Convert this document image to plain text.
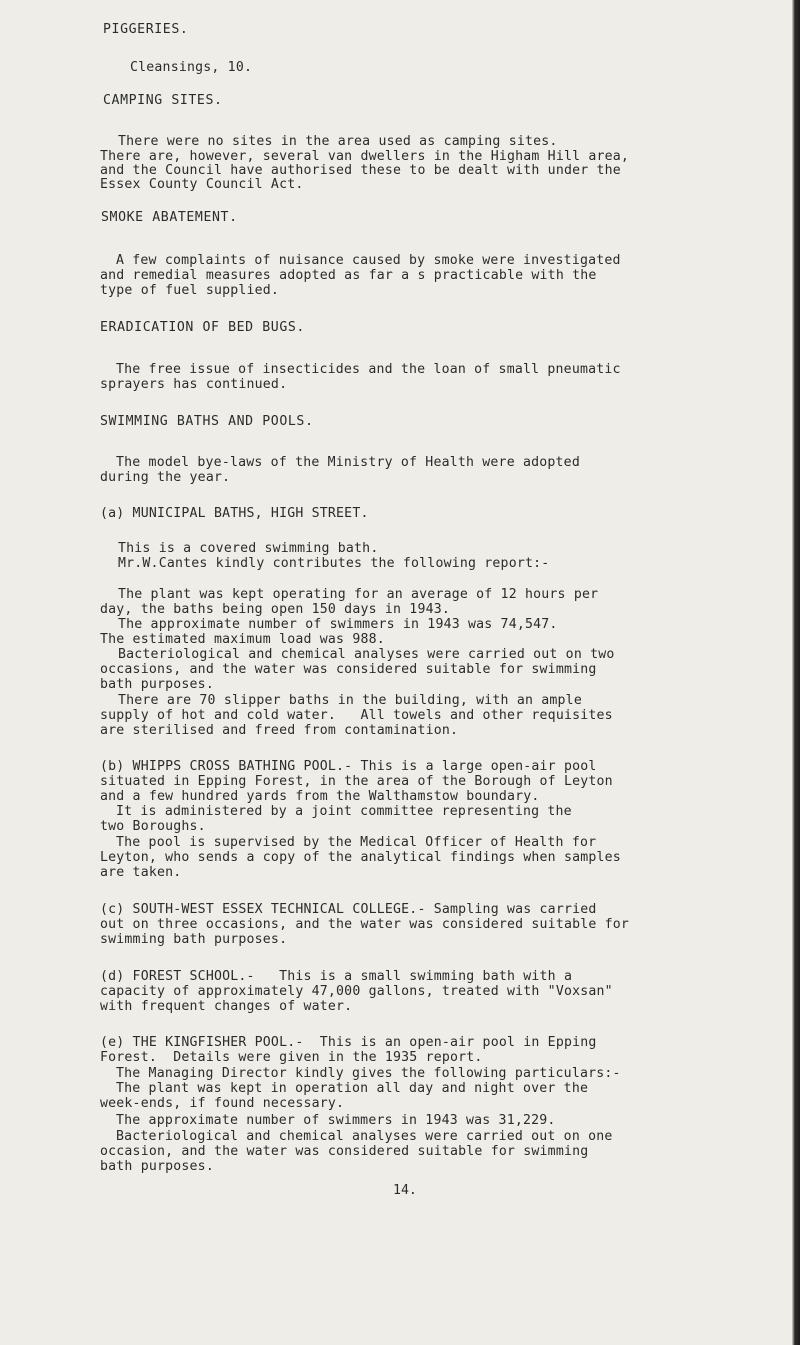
PIGGERIES.
Cleansings, 10.
CAMPING SITES.
There were no sites in the area used as camping sites.
There are, however, several van dwellers in the Higham Hill area,
and the Council have authorised these to be dealt with under the
Essex County Council Act.
SMOKE ABATEMENT.
A few complaints of nuisance caused by smoke were investigated
and remedial measures adopted as far a s practicable with the
type of fuel supplied.
ERADICATION OF BED BUGS.
The free issue of insecticides and the loan of small pneumatic
sprayers has continued.
SWIMMING BATHS AND POOLS.
The model bye-laws of the Ministry of Health were adopted
during the year.
(a) MUNICIPAL BATHS, HIGH STREET.
This is a covered swimming bath.
Mr.W.Cantes kindly contributes the following report:-
The plant was kept operating for an average of 12 hours per
day, the baths being open 150 days in 1943.
The approximate number of swimmers in 1943 was 74,547.
The estimated maximum load was 988.
Bacteriological and chemical analyses were carried out on two
occasions, and the water was considered suitable for swimming
bath purposes.
There are 70 slipper baths in the building, with an ample
supply of hot and cold water.   All towels and other requisites
are sterilised and freed from contamination.
(b) WHIPPS CROSS BATHING POOL.- This is a large open-air pool
situated in Epping Forest, in the area of the Borough of Leyton
and a few hundred yards from the Walthamstow boundary.
It is administered by a joint committee representing the
two Boroughs.
The pool is supervised by the Medical Officer of Health for
Leyton, who sends a copy of the analytical findings when samples
are taken.
(c) SOUTH-WEST ESSEX TECHNICAL COLLEGE.- Sampling was carried
out on three occasions, and the water was considered suitable for
swimming bath purposes.
(d) FOREST SCHOOL.-   This is a small swimming bath with a
capacity of approximately 47,000 gallons, treated with "Voxsan"
with frequent changes of water.
(e) THE KINGFISHER POOL.-  This is an open-air pool in Epping
Forest.  Details were given in the 1935 report.
The Managing Director kindly gives the following particulars:-
The plant was kept in operation all day and night over the
week-ends, if found necessary.
The approximate number of swimmers in 1943 was 31,229.
Bacteriological and chemical analyses were carried out on one
occasion, and the water was considered suitable for swimming
bath purposes.
14.
